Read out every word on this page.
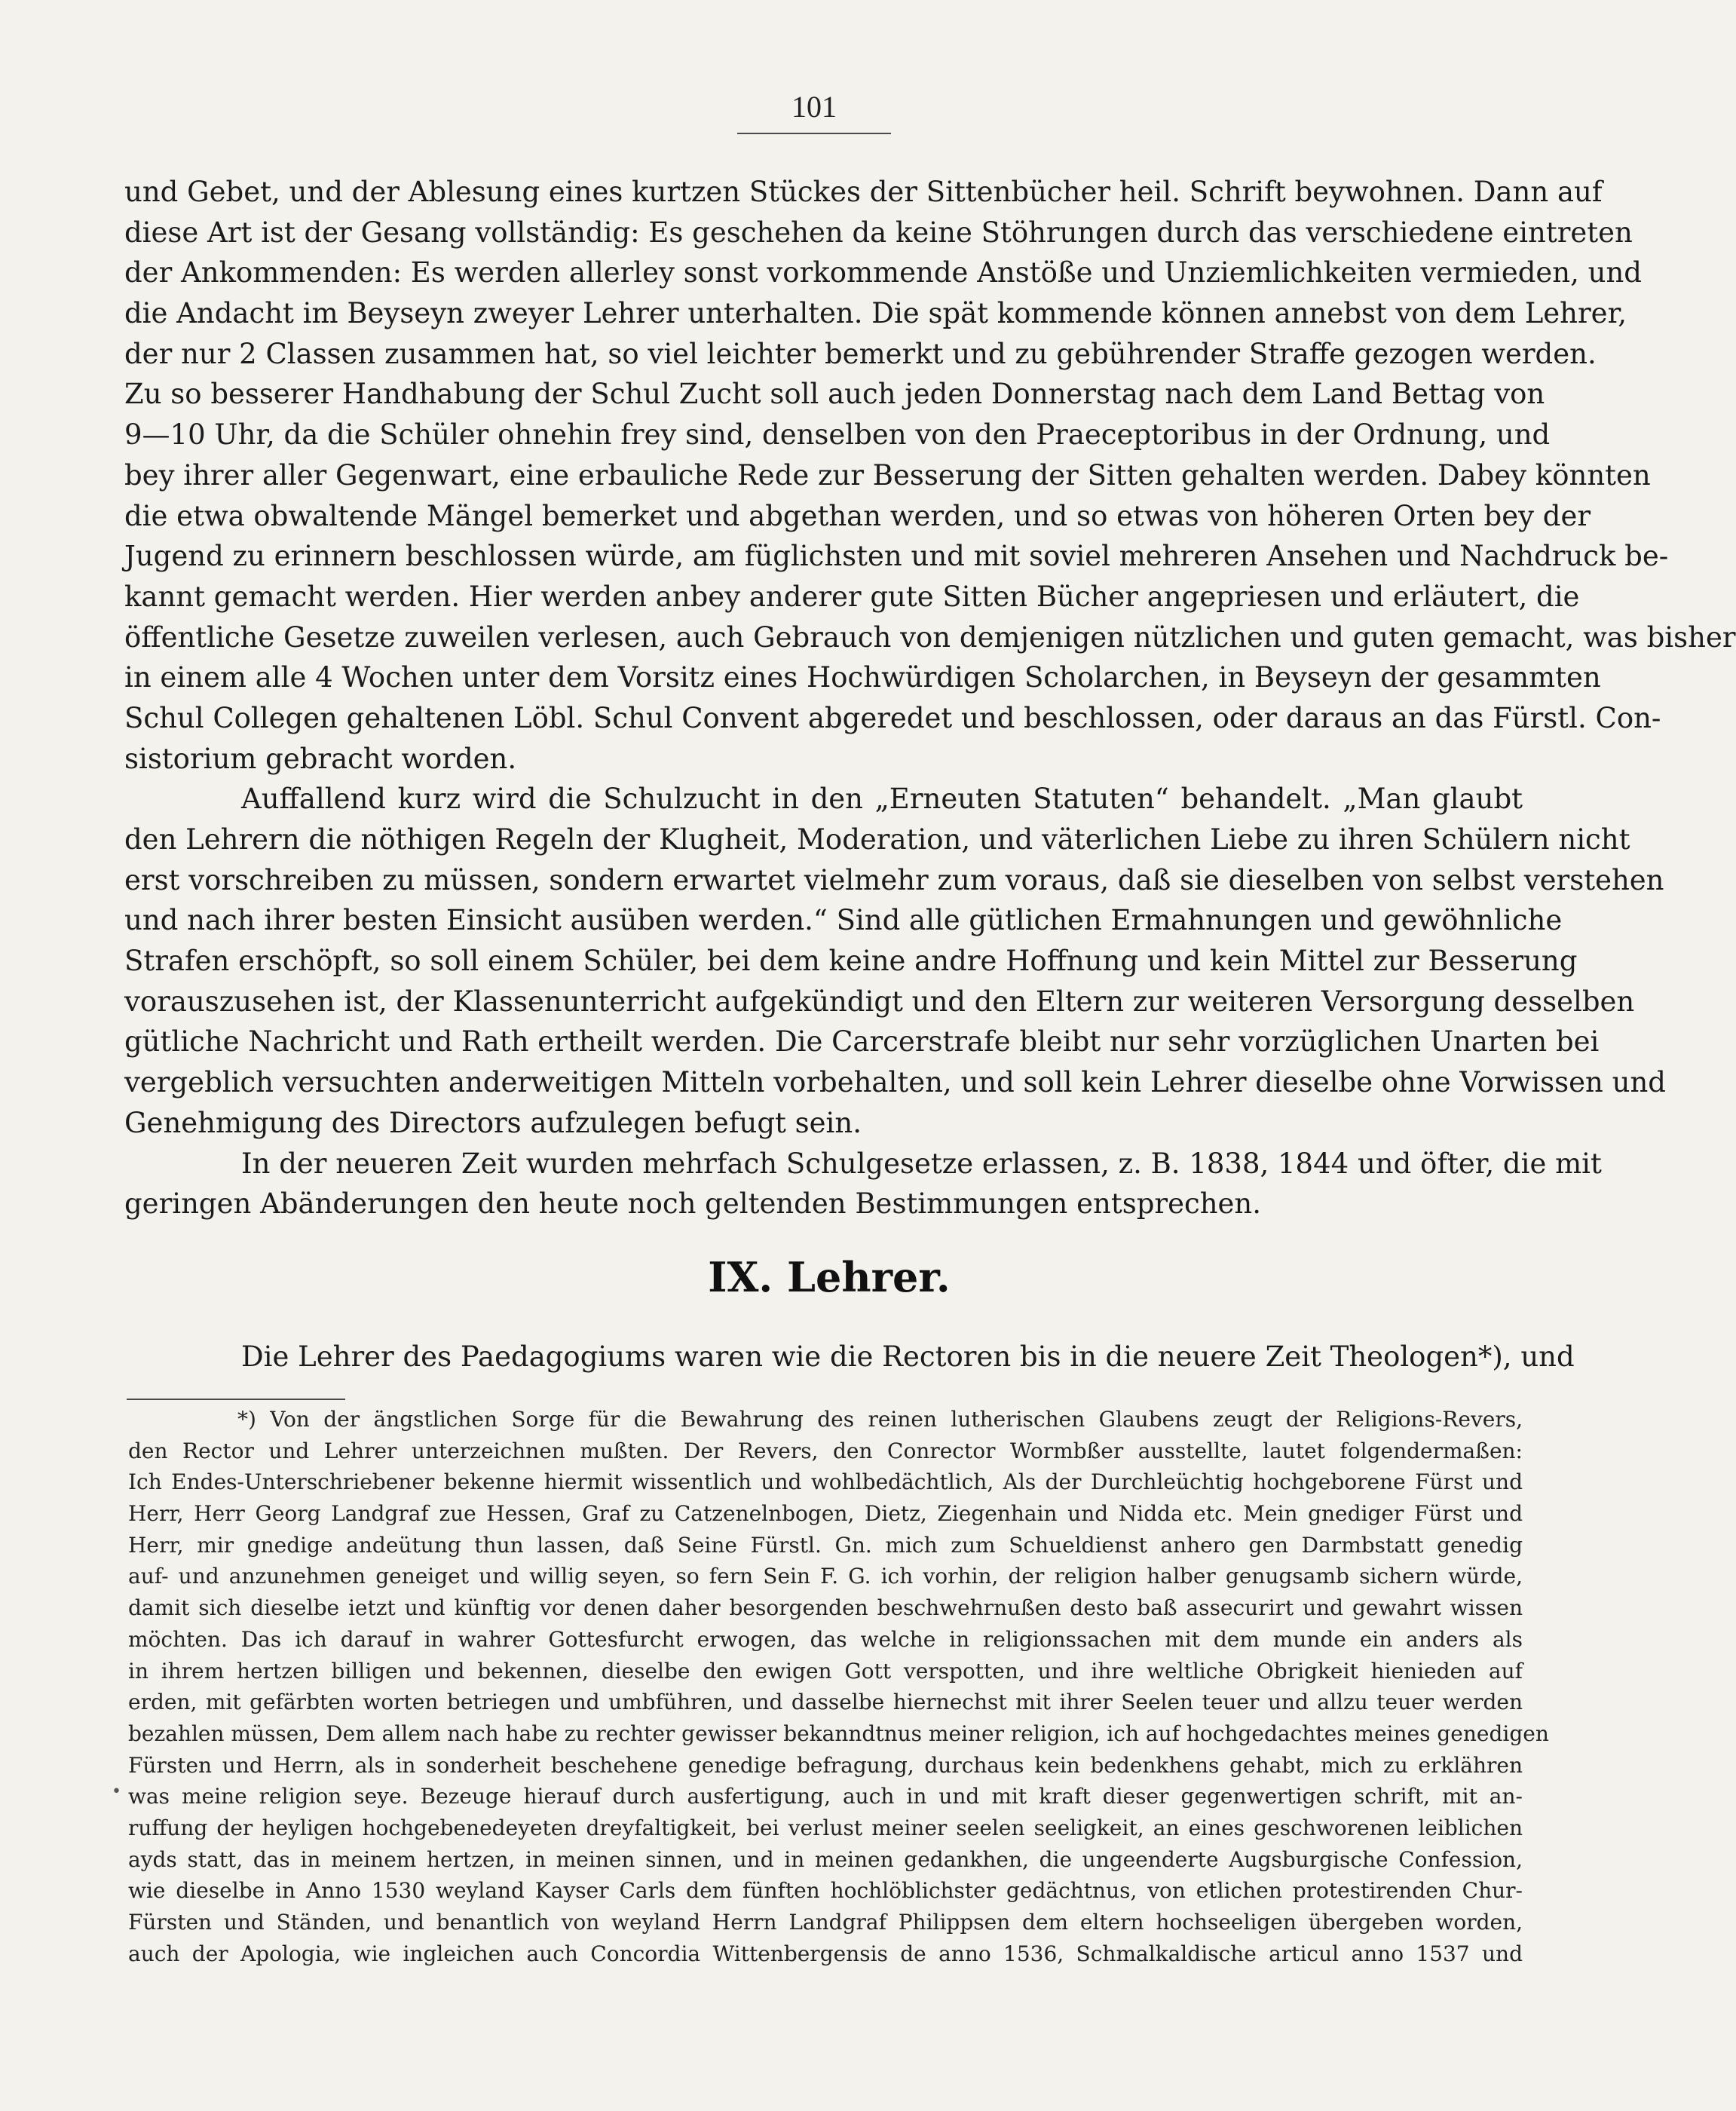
101
und Gebet, und der Ablesung eines kurtzen Stückes der Sittenbücher heil. Schrift beywohnen. Dann auf
diese Art ist der Gesang vollständig: Es geschehen da keine Stöhrungen durch das verschiedene eintreten
der Ankommenden: Es werden allerley sonst vorkommende Anstöße und Unziemlichkeiten vermieden, und
die Andacht im Beyseyn zweyer Lehrer unterhalten. Die spät kommende können annebst von dem Lehrer,
der nur 2 Classen zusammen hat, so viel leichter bemerkt und zu gebührender Straffe gezogen werden.
Zu so besserer Handhabung der Schul Zucht soll auch jeden Donnerstag nach dem Land Bettag von
9—10 Uhr, da die Schüler ohnehin frey sind, denselben von den Praeceptoribus in der Ordnung, und
bey ihrer aller Gegenwart, eine erbauliche Rede zur Besserung der Sitten gehalten werden. Dabey könnten
die etwa obwaltende Mängel bemerket und abgethan werden, und so etwas von höheren Orten bey der
Jugend zu erinnern beschlossen würde, am füglichsten und mit soviel mehreren Ansehen und Nachdruck be-
kannt gemacht werden. Hier werden anbey anderer gute Sitten Bücher angepriesen und erläutert, die
öffentliche Gesetze zuweilen verlesen, auch Gebrauch von demjenigen nützlichen und guten gemacht, was bisher
in einem alle 4 Wochen unter dem Vorsitz eines Hochwürdigen Scholarchen, in Beyseyn der gesammten
Schul Collegen gehaltenen Löbl. Schul Convent abgeredet und beschlossen, oder daraus an das Fürstl. Con-
sistorium gebracht worden.
Auffallend kurz wird die Schulzucht in den „Erneuten Statuten“ behandelt. „Man glaubt
den Lehrern die nöthigen Regeln der Klugheit, Moderation, und väterlichen Liebe zu ihren Schülern nicht
erst vorschreiben zu müssen, sondern erwartet vielmehr zum voraus, daß sie dieselben von selbst verstehen
und nach ihrer besten Einsicht ausüben werden.“ Sind alle gütlichen Ermahnungen und gewöhnliche
Strafen erschöpft, so soll einem Schüler, bei dem keine andre Hoffnung und kein Mittel zur Besserung
vorauszusehen ist, der Klassenunterricht aufgekündigt und den Eltern zur weiteren Versorgung desselben
gütliche Nachricht und Rath ertheilt werden. Die Carcerstrafe bleibt nur sehr vorzüglichen Unarten bei
vergeblich versuchten anderweitigen Mitteln vorbehalten, und soll kein Lehrer dieselbe ohne Vorwissen und
Genehmigung des Directors aufzulegen befugt sein.
In der neueren Zeit wurden mehrfach Schulgesetze erlassen, z. B. 1838, 1844 und öfter, die mit
geringen Abänderungen den heute noch geltenden Bestimmungen entsprechen.
IX. Lehrer.
Die Lehrer des Paedagogiums waren wie die Rectoren bis in die neuere Zeit Theologen*), und
•
*) Von der ängstlichen Sorge für die Bewahrung des reinen lutherischen Glaubens zeugt der Religions-Revers,
den Rector und Lehrer unterzeichnen mußten. Der Revers, den Conrector Wormbßer ausstellte, lautet folgendermaßen:
Ich Endes-Unterschriebener bekenne hiermit wissentlich und wohlbedächtlich, Als der Durchleüchtig hochgeborene Fürst und
Herr, Herr Georg Landgraf zue Hessen, Graf zu Catzenelnbogen, Dietz, Ziegenhain und Nidda etc. Mein gnediger Fürst und
Herr, mir gnedige andeütung thun lassen, daß Seine Fürstl. Gn. mich zum Schueldienst anhero gen Darmbstatt genedig
auf- und anzunehmen geneiget und willig seyen, so fern Sein F. G. ich vorhin, der religion halber genugsamb sichern würde,
damit sich dieselbe ietzt und künftig vor denen daher besorgenden beschwehrnußen desto baß assecurirt und gewahrt wissen
möchten. Das ich darauf in wahrer Gottesfurcht erwogen, das welche in religionssachen mit dem munde ein anders als
in ihrem hertzen billigen und bekennen, dieselbe den ewigen Gott verspotten, und ihre weltliche Obrigkeit hienieden auf
erden, mit gefärbten worten betriegen und umbführen, und dasselbe hiernechst mit ihrer Seelen teuer und allzu teuer werden
bezahlen müssen, Dem allem nach habe zu rechter gewisser bekanndtnus meiner religion, ich auf hochgedachtes meines genedigen
Fürsten und Herrn, als in sonderheit beschehene genedige befragung, durchaus kein bedenkhens gehabt, mich zu erklähren
was meine religion seye. Bezeuge hierauf durch ausfertigung, auch in und mit kraft dieser gegenwertigen schrift, mit an-
ruffung der heyligen hochgebenedeyeten dreyfaltigkeit, bei verlust meiner seelen seeligkeit, an eines geschworenen leiblichen
ayds statt, das in meinem hertzen, in meinen sinnen, und in meinen gedankhen, die ungeenderte Augsburgische Confession,
wie dieselbe in Anno 1530 weyland Kayser Carls dem fünften hochlöblichster gedächtnus, von etlichen protestirenden Chur-
Fürsten und Ständen, und benantlich von weyland Herrn Landgraf Philippsen dem eltern hochseeligen übergeben worden,
auch der Apologia, wie ingleichen auch Concordia Wittenbergensis de anno 1536, Schmalkaldische articul anno 1537 und
